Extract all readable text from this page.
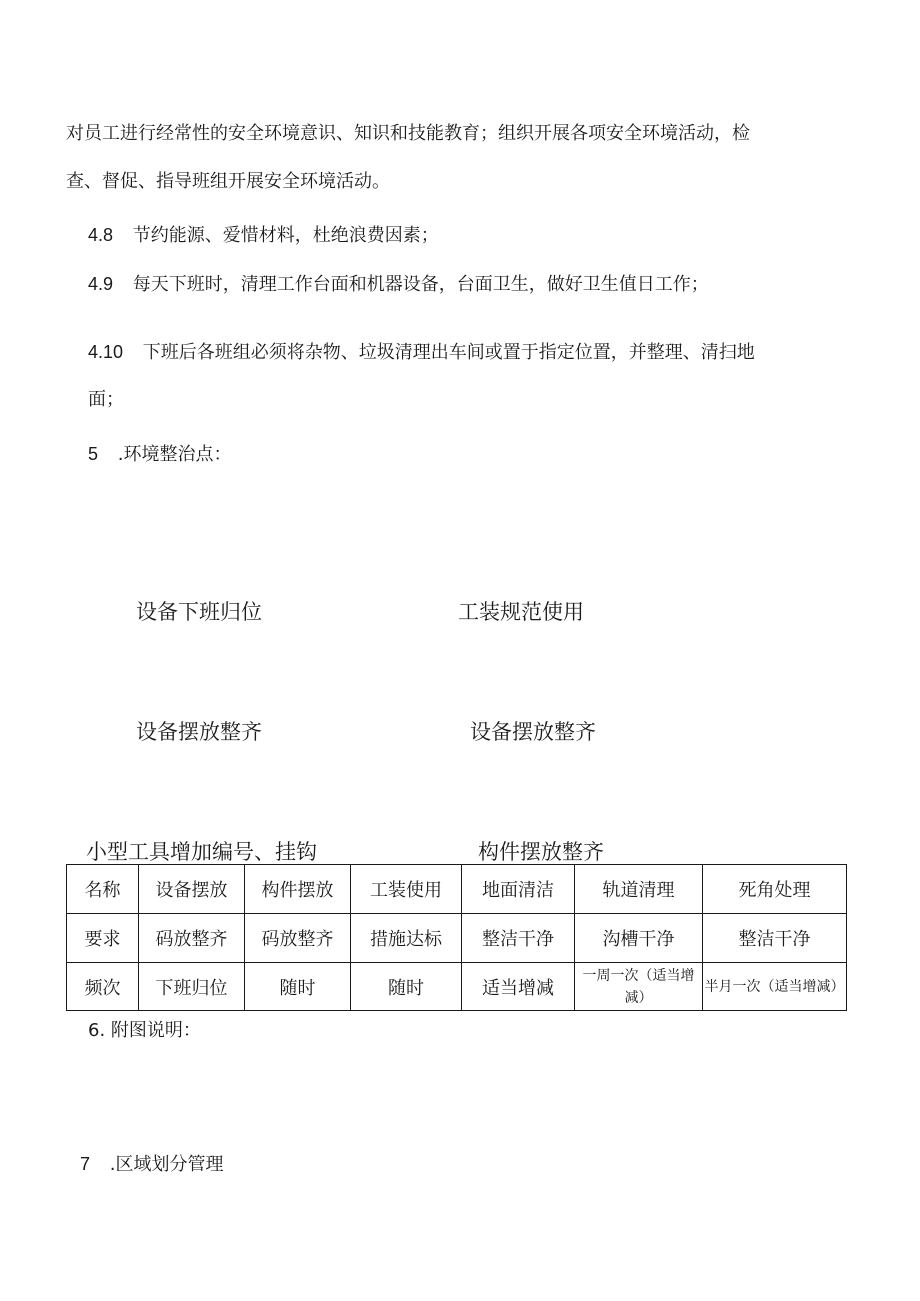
对员工进行经常性的安全环境意识、知识和技能教育；组织开展各项安全环境活动，检
查、督促、指导班组开展安全环境活动。
4.8 节约能源、爱惜材料，杜绝浪费因素；
4.9 每天下班时，清理工作台面和机器设备，台面卫生，做好卫生值日工作；
4.10 下班后各班组必须将杂物、垃圾清理出车间或置于指定位置，并整理、清扫地
面；
5 .环境整治点：
设备下班归位	工装规范使用
设备摆放整齐	设备摆放整齐
小型工具增加编号、挂钩	构件摆放整齐
名称	设备摆放	构件摆放	工装使用	地面清洁	轨道清理	死角处理
要求	码放整齐	码放整齐	措施达标	整洁干净	沟槽干净	整洁干净
频次	下班归位	随时	随时	适当增减	一周一次（适当增减）	半月一次（适当增减）
6. 附图说明：
7 .区域划分管理
